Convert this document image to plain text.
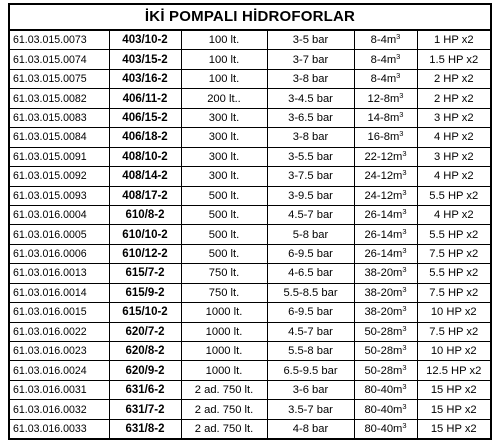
İKİ POMPALI HİDROFORLAR
61.03.015.0073	403/10-2	100 lt.	3-5 bar	$8-4m^3$	1 HP x2
61.03.015.0074	403/15-2	100 lt.	3-7 bar	$8-4m^3$	1.5 HP x2
61.03.015.0075	403/16-2	100 lt.	3-8 bar	$8-4m^3$	2 HP x2
61.03.015.0082	406/11-2	200 lt..	3-4.5 bar	$12-8m^3$	2 HP x2
61.03.015.0083	406/15-2	300 lt.	3-6.5 bar	$14-8m^3$	3 HP x2
61.03.015.0084	406/18-2	300 lt.	3-8 bar	$16-8m^3$	4 HP x2
61.03.015.0091	408/10-2	300 lt.	3-5.5 bar	$22-12m^3$	3 HP x2
61.03.015.0092	408/14-2	300 lt.	3-7.5 bar	$24-12m^3$	4 HP x2
61.03.015.0093	408/17-2	500 lt.	3-9.5 bar	$24-12m^3$	5.5 HP x2
61.03.016.0004	610/8-2	500 lt.	4.5-7 bar	$26-14m^3$	4 HP x2
61.03.016.0005	610/10-2	500 lt.	5-8 bar	$26-14m^3$	5.5 HP x2
61.03.016.0006	610/12-2	500 lt.	6-9.5 bar	$26-14m^3$	7.5 HP x2
61.03.016.0013	615/7-2	750 lt.	4-6.5 bar	$38-20m^3$	5.5 HP x2
61.03.016.0014	615/9-2	750 lt.	5.5-8.5 bar	$38-20m^3$	7.5 HP x2
61.03.016.0015	615/10-2	1000 lt.	6-9.5 bar	$38-20m^3$	10 HP x2
61.03.016.0022	620/7-2	1000 lt.	4.5-7 bar	$50-28m^3$	7.5 HP x2
61.03.016.0023	620/8-2	1000 lt.	5.5-8 bar	$50-28m^3$	10 HP x2
61.03.016.0024	620/9-2	1000 lt.	6.5-9.5 bar	$50-28m^3$	12.5 HP x2
61.03.016.0031	631/6-2	2 ad. 750 lt.	3-6 bar	$80-40m^3$	15 HP x2
61.03.016.0032	631/7-2	2 ad. 750 lt.	3.5-7 bar	$80-40m^3$	15 HP x2
61.03.016.0033	631/8-2	2 ad. 750 lt.	4-8 bar	$80-40m^3$	15 HP x2
